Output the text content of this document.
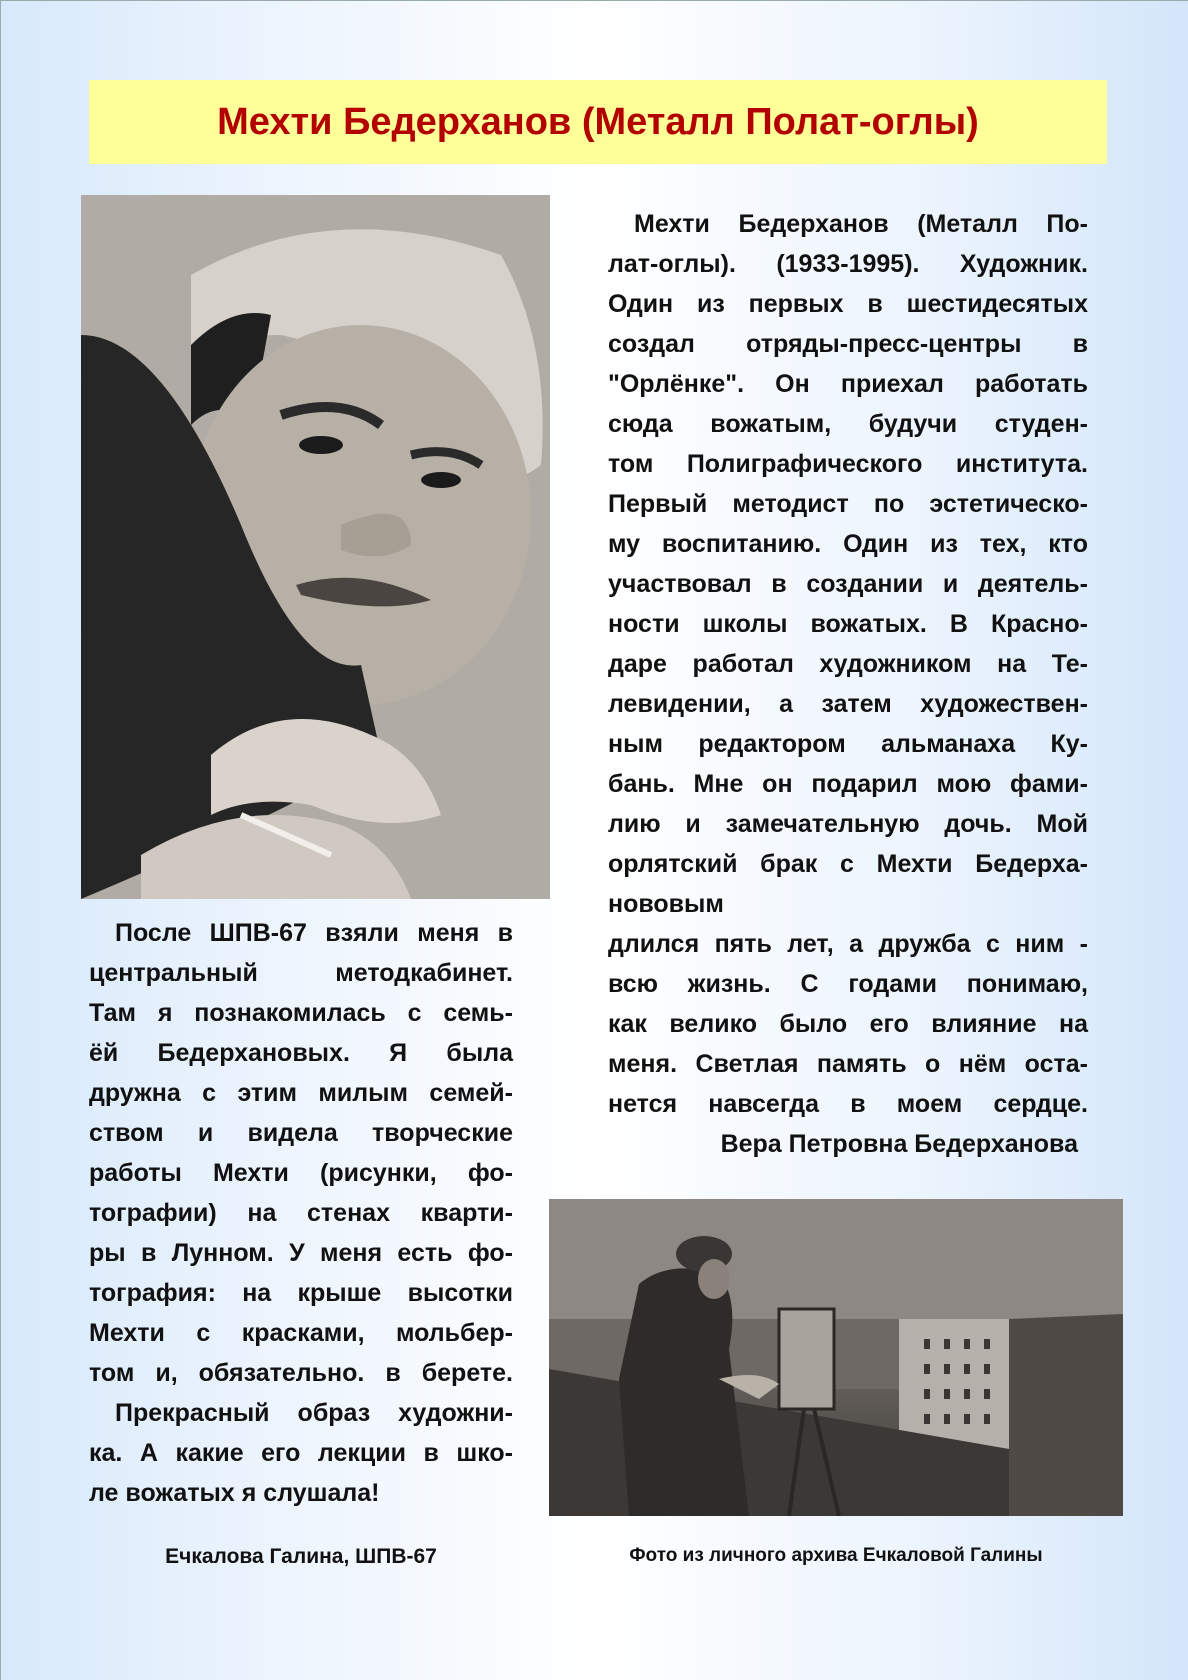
Мехти Бедерханов (Металл Полат-оглы)
Мехти Бедерханов (Металл По-
лат-оглы). (1933-1995). Художник.
Один из первых в шестидесятых
создал отряды-пресс-центры в
"Орлёнке". Он приехал работать
сюда вожатым, будучи студен-
том Полиграфического института.
Первый методист по эстетическо-
му воспитанию. Один из тех, кто
участвовал в создании и деятель-
ности школы вожатых. В Красно-
даре работал художником на Те-
левидении, а затем художествен-
ным редактором альманаха Ку-
бань. Мне он подарил мою фами-
лию и замечательную дочь. Мой
орлятский брак с Мехти Бедерха-
нововым
длился пять лет, а дружба с ним -
всю жизнь. С годами понимаю,
как велико было его влияние на
меня. Светлая память о нём оста-
нется навсегда в моем сердце.
Вера Петровна Бедерханова
После ШПВ-67 взяли меня в
центральный методкабинет.
Там я познакомилась с семь-
ёй Бедерхановых. Я была
дружна с этим милым семей-
ством и видела творческие
работы Мехти (рисунки, фо-
тографии) на стенах кварти-
ры в Лунном. У меня есть фо-
тография: на крыше высотки
Мехти с красками, мольбер-
том и, обязательно. в берете.
Прекрасный образ художни-
ка. А какие его лекции в шко-
ле вожатых я слушала!
Ечкалова Галина, ШПВ-67	Фото из личного архива Ечкаловой Галины
